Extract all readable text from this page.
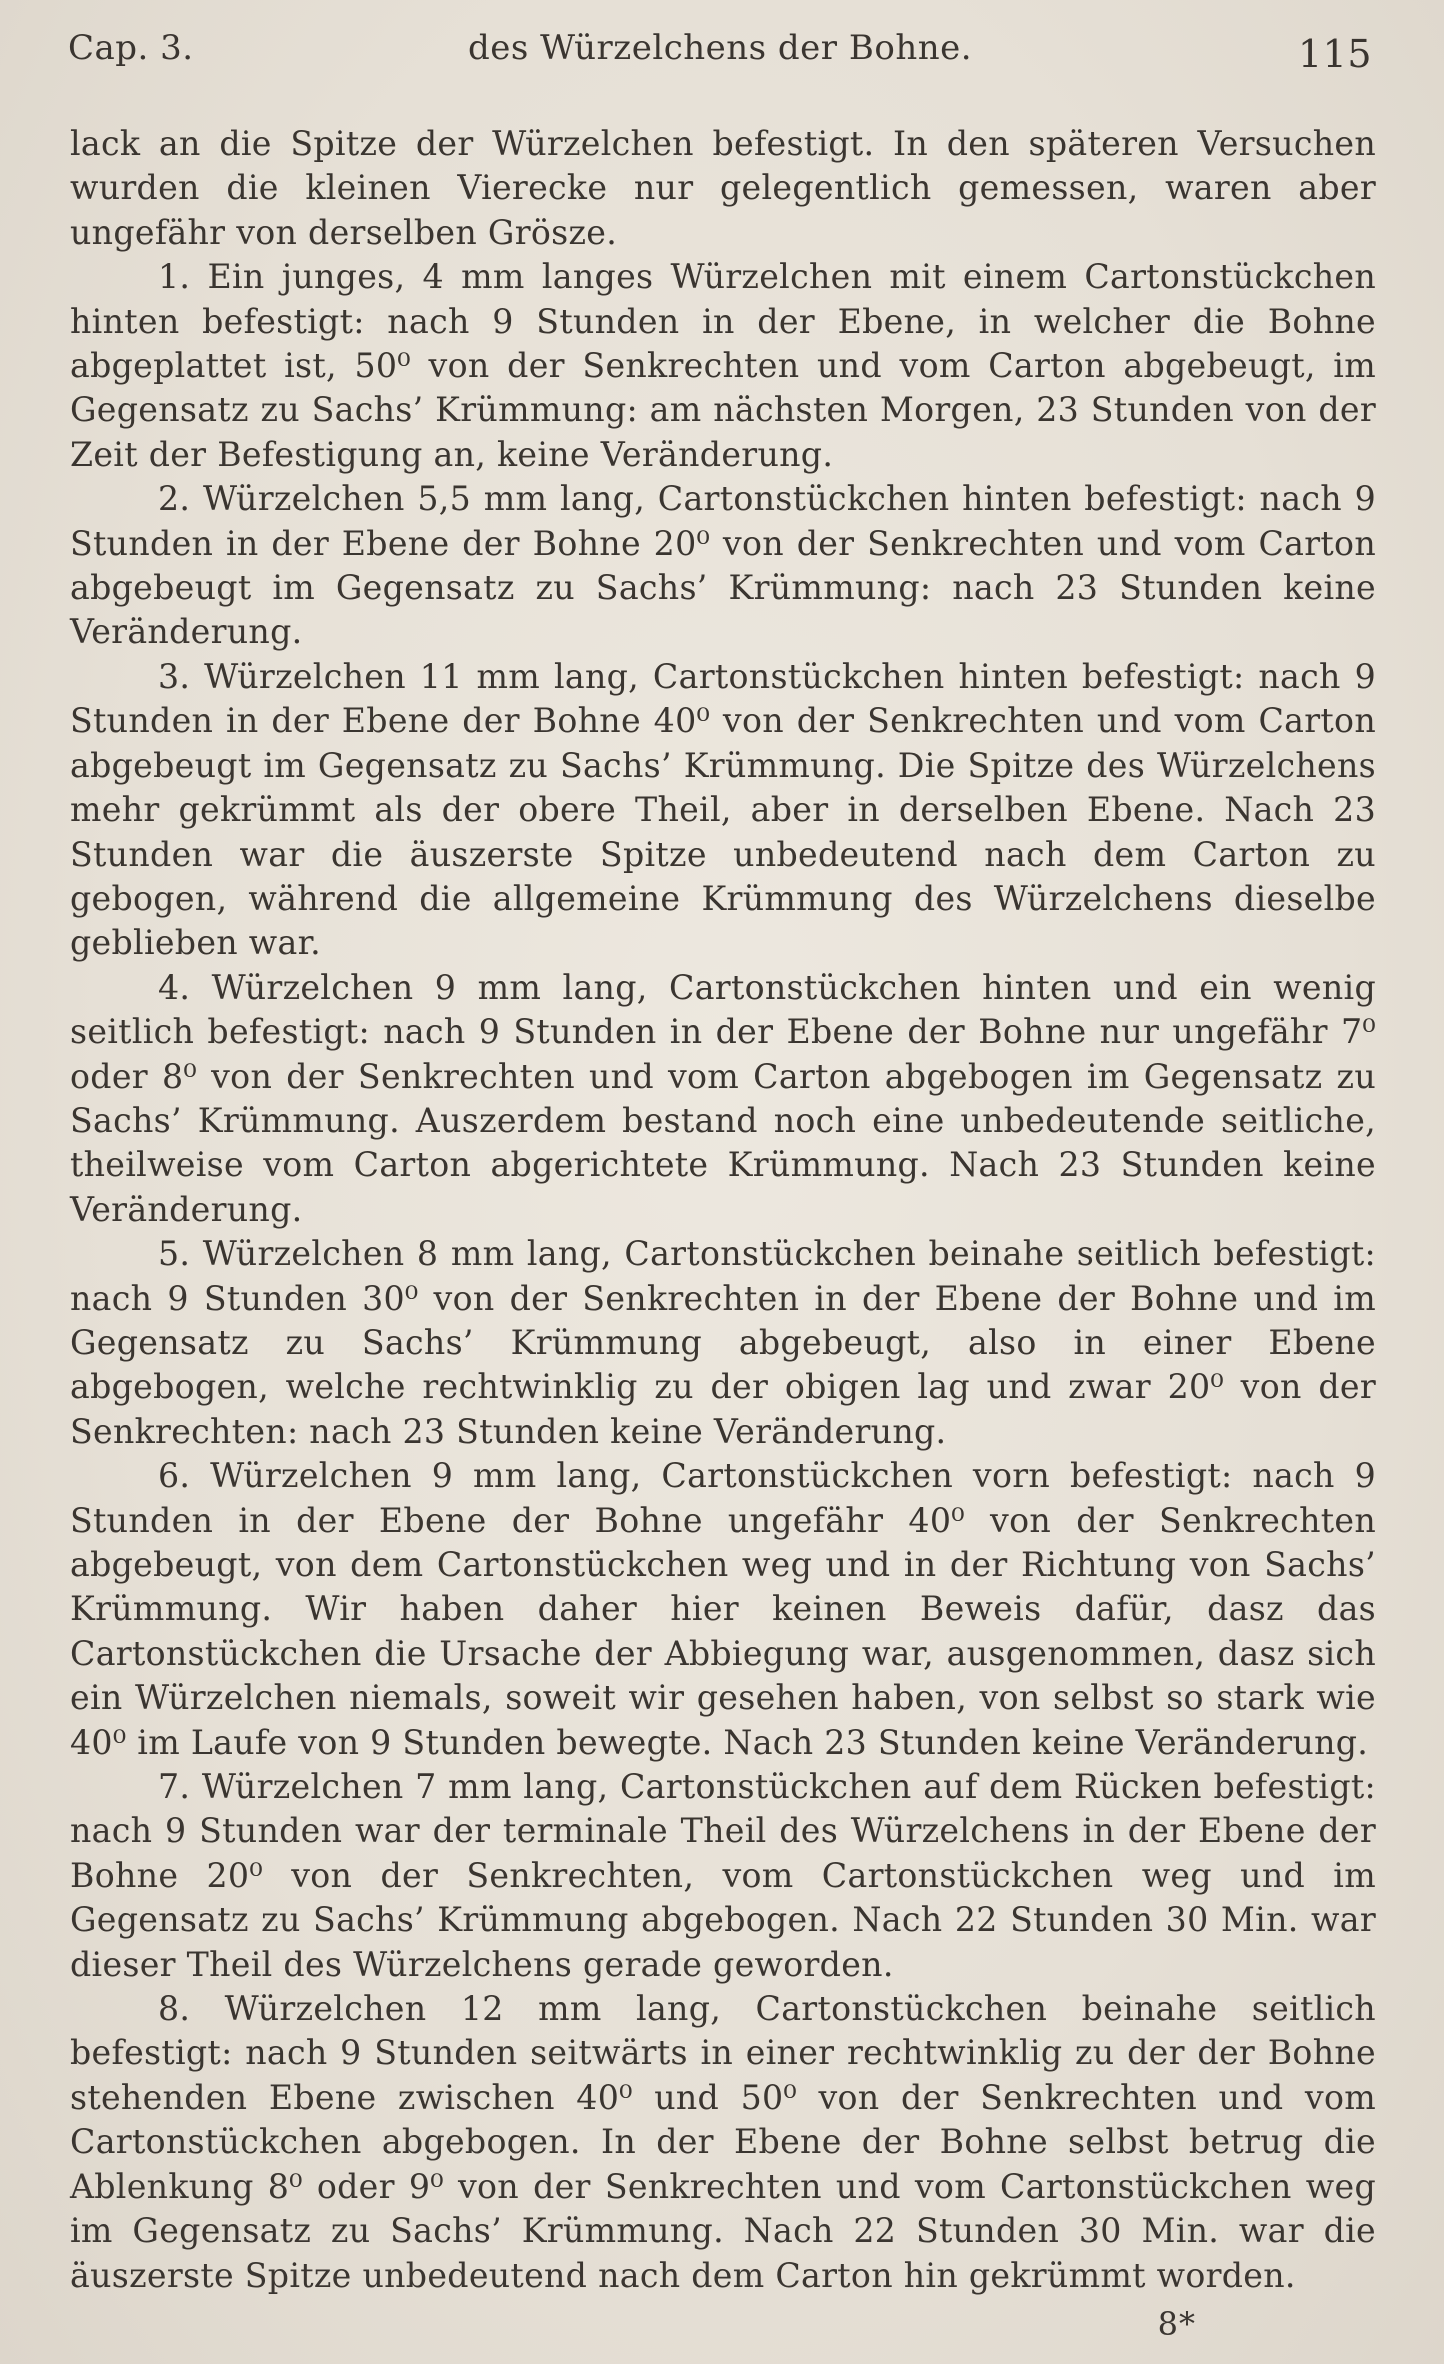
Cap. 3.	des Würzelchens der Bohne.	115

lack an die Spitze der Würzelchen befestigt. In den späteren Versuchen wurden die kleinen Vierecke nur gelegentlich gemessen, waren aber ungefähr von derselben Grösze.

1. Ein junges, 4 mm langes Würzelchen mit einem Cartonstückchen hinten befestigt: nach 9 Stunden in der Ebene, in welcher die Bohne abgeplattet ist, 50⁰ von der Senkrechten und vom Carton abgebeugt, im Gegensatz zu Sachs’ Krümmung: am nächsten Morgen, 23 Stunden von der Zeit der Befestigung an, keine Veränderung.

2. Würzelchen 5,5 mm lang, Cartonstückchen hinten befestigt: nach 9 Stunden in der Ebene der Bohne 20⁰ von der Senkrechten und vom Carton abgebeugt im Gegensatz zu Sachs’ Krümmung: nach 23 Stunden keine Veränderung.

3. Würzelchen 11 mm lang, Cartonstückchen hinten befestigt: nach 9 Stunden in der Ebene der Bohne 40⁰ von der Senkrechten und vom Carton abgebeugt im Gegensatz zu Sachs’ Krümmung. Die Spitze des Würzelchens mehr gekrümmt als der obere Theil, aber in derselben Ebene. Nach 23 Stunden war die äuszerste Spitze unbedeutend nach dem Carton zu gebogen, während die allgemeine Krümmung des Würzelchens dieselbe geblieben war.

4. Würzelchen 9 mm lang, Cartonstückchen hinten und ein wenig seitlich befestigt: nach 9 Stunden in der Ebene der Bohne nur ungefähr 7⁰ oder 8⁰ von der Senkrechten und vom Carton abgebogen im Gegensatz zu Sachs’ Krümmung. Auszerdem bestand noch eine unbedeutende seitliche, theilweise vom Carton abgerichtete Krümmung. Nach 23 Stunden keine Veränderung.

5. Würzelchen 8 mm lang, Cartonstückchen beinahe seitlich befestigt: nach 9 Stunden 30⁰ von der Senkrechten in der Ebene der Bohne und im Gegensatz zu Sachs’ Krümmung abgebeugt, also in einer Ebene abgebogen, welche rechtwinklig zu der obigen lag und zwar 20⁰ von der Senkrechten: nach 23 Stunden keine Veränderung.

6. Würzelchen 9 mm lang, Cartonstückchen vorn befestigt: nach 9 Stunden in der Ebene der Bohne ungefähr 40⁰ von der Senkrechten abgebeugt, von dem Cartonstückchen weg und in der Richtung von Sachs’ Krümmung. Wir haben daher hier keinen Beweis dafür, dasz das Cartonstückchen die Ursache der Abbiegung war, ausgenommen, dasz sich ein Würzelchen niemals, soweit wir gesehen haben, von selbst so stark wie 40⁰ im Laufe von 9 Stunden bewegte. Nach 23 Stunden keine Veränderung.

7. Würzelchen 7 mm lang, Cartonstückchen auf dem Rücken befestigt: nach 9 Stunden war der terminale Theil des Würzelchens in der Ebene der Bohne 20⁰ von der Senkrechten, vom Cartonstückchen weg und im Gegensatz zu Sachs’ Krümmung abgebogen. Nach 22 Stunden 30 Min. war dieser Theil des Würzelchens gerade geworden.

8. Würzelchen 12 mm lang, Cartonstückchen beinahe seitlich befestigt: nach 9 Stunden seitwärts in einer rechtwinklig zu der der Bohne stehenden Ebene zwischen 40⁰ und 50⁰ von der Senkrechten und vom Cartonstückchen abgebogen. In der Ebene der Bohne selbst betrug die Ablenkung 8⁰ oder 9⁰ von der Senkrechten und vom Cartonstückchen weg im Gegensatz zu Sachs’ Krümmung. Nach 22 Stunden 30 Min. war die äuszerste Spitze unbedeutend nach dem Carton hin gekrümmt worden.

8*
